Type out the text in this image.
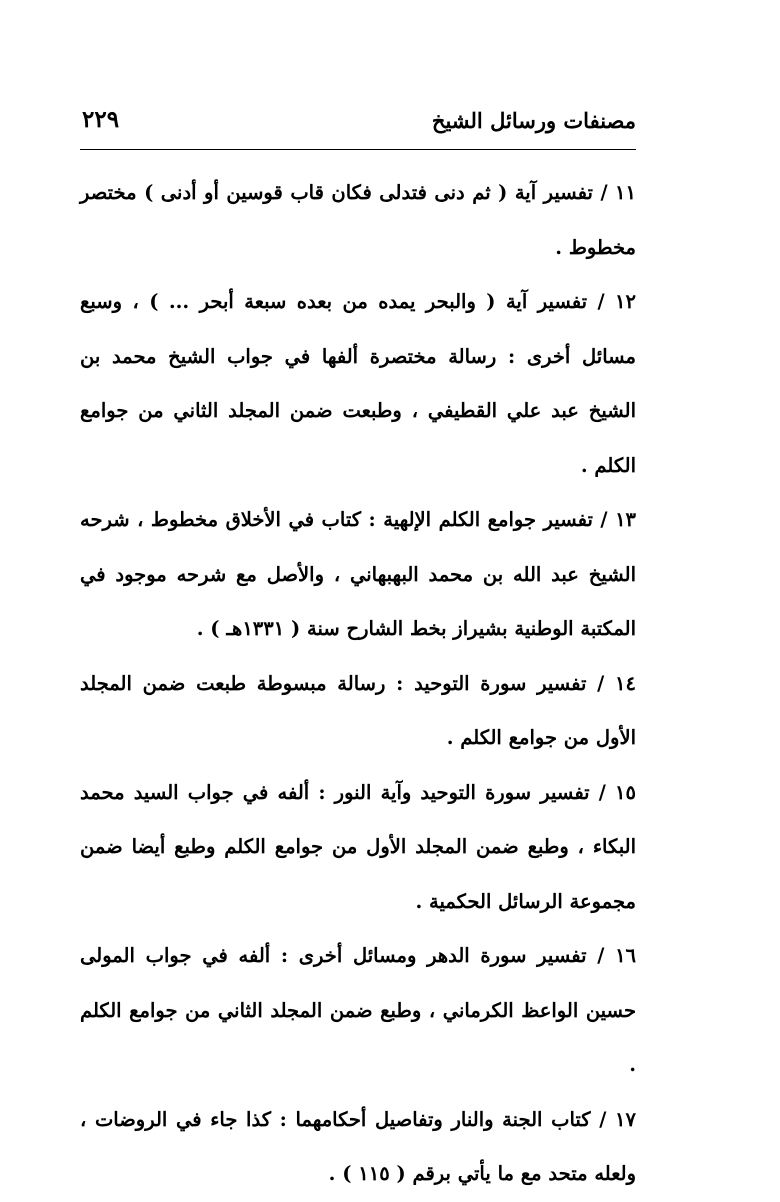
مصنفات ورسائل الشيخ
٢٢٩

١١ / تفسير آية ( ثم دنى فتدلى فكان قاب قوسين أو أدنى ) مختصر مخطوط .

١٢ / تفسير آية ( والبحر يمده من بعده سبعة أبحر ... ) ، وسبع مسائل أخرى : رسالة مختصرة ألفها في جواب الشيخ محمد بن الشيخ عبد علي القطيفي ، وطبعت ضمن المجلد الثاني من جوامع الكلم .

١٣ / تفسير جوامع الكلم الإلهية : كتاب في الأخلاق مخطوط ، شرحه الشيخ عبد الله بن محمد البهبهاني ، والأصل مع شرحه موجود في المكتبة الوطنية بشيراز بخط الشارح سنة ( ١٣٣١هـ ) .

١٤ / تفسير سورة التوحيد : رسالة مبسوطة طبعت ضمن المجلد الأول من جوامع الكلم .

١٥ / تفسير سورة التوحيد وآية النور : ألفه في جواب السيد محمد البكاء ، وطبع ضمن المجلد الأول من جوامع الكلم وطبع أيضا ضمن مجموعة الرسائل الحكمية .

١٦ / تفسير سورة الدهر ومسائل أخرى : ألفه في جواب المولى حسين الواعظ الكرماني ، وطبع ضمن المجلد الثاني من جوامع الكلم .

١٧ / كتاب الجنة والنار وتفاصيل أحكامهما : كذا جاء في الروضات ، ولعله متحد مع ما يأتي برقم ( ١١٥ ) .
